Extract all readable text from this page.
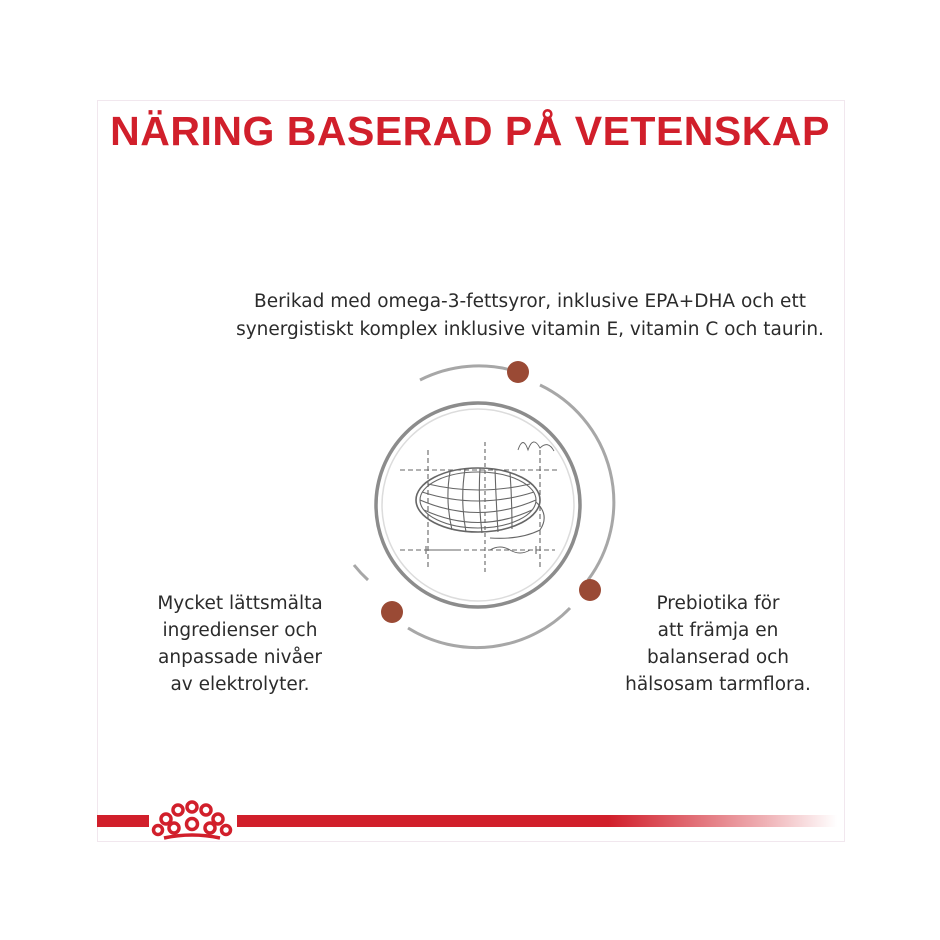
NÄRING BASERAD PÅ VETENSKAP
Berikad med omega-3-fettsyror, inklusive EPA+DHA och ett
synergistiskt komplex inklusive vitamin E, vitamin C och taurin.
Mycket lättsmälta
ingredienser och
anpassade nivåer
av elektrolyter.
Prebiotika för
att främja en
balanserad och
hälsosam tarmflora.
